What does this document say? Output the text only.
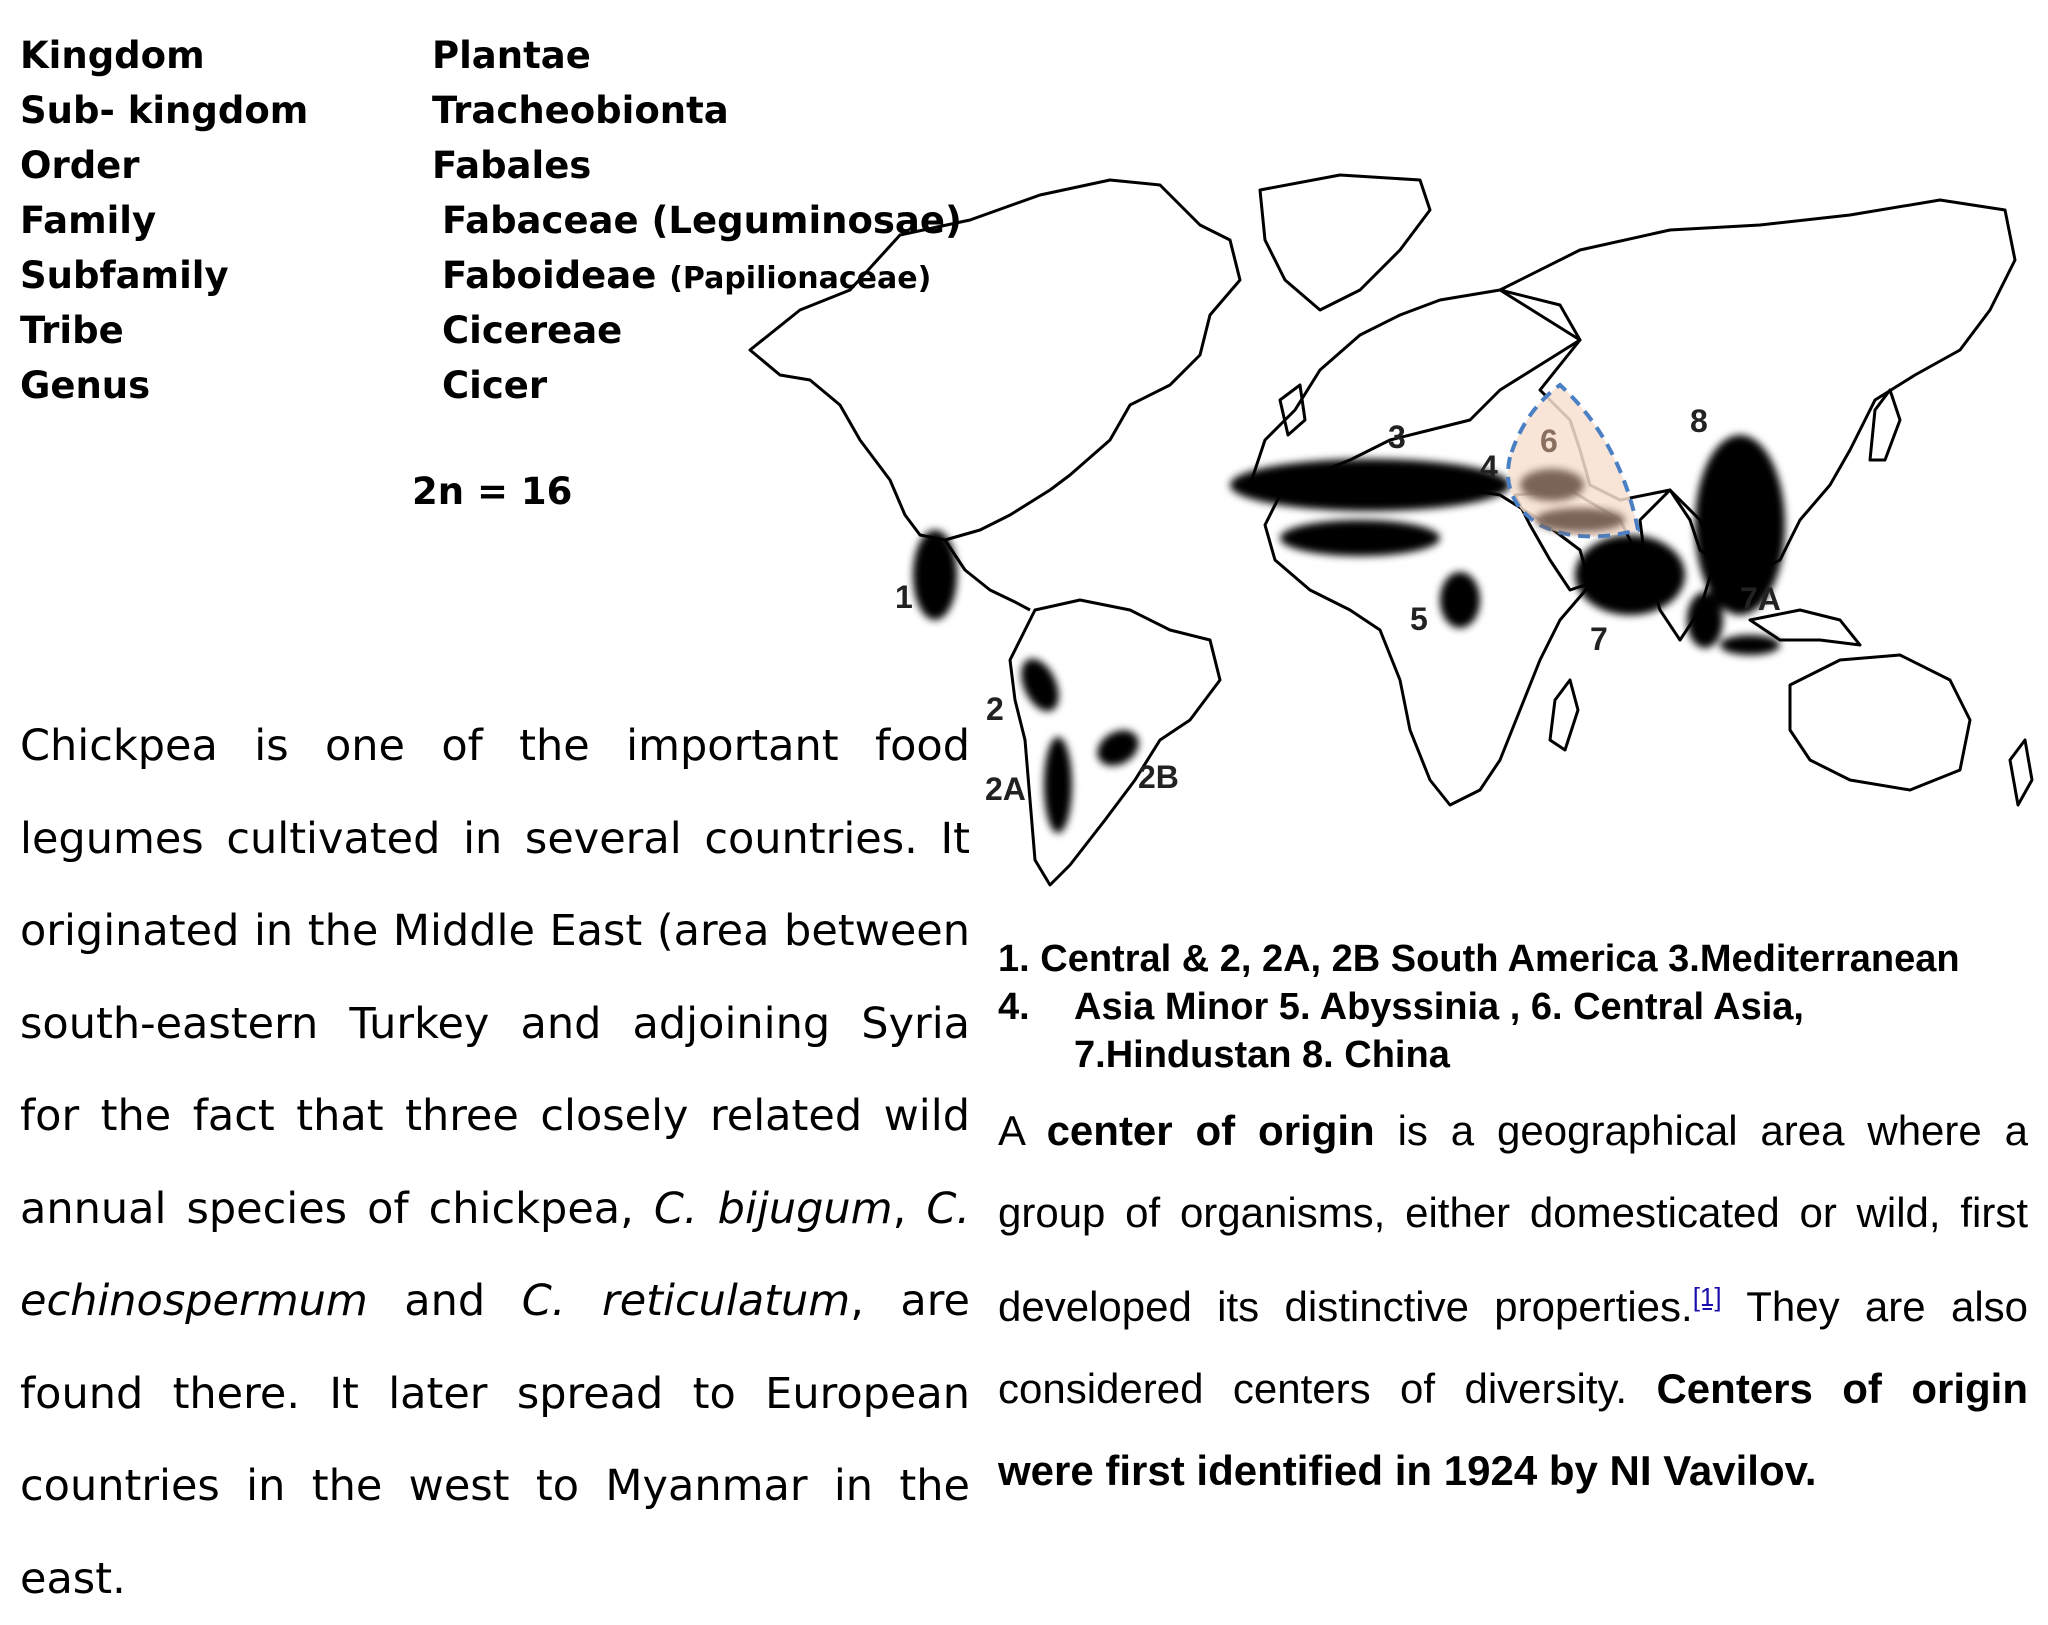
Kingdom	Plantae
Sub- kingdom	Tracheobionta
Order	Fabales
Family	Fabaceae (Leguminosae)
Subfamily	Faboideae (Papilionaceae)
Tribe	Cicereae
Genus	Cicer
2n = 16
1
2
2A	2B
3
4
5
6
7
7A
8
Chickpea is one of the important food legumes cultivated in several countries. It originated in the Middle East (area between south-eastern Turkey and adjoining Syria for the fact that three closely related wild annual species of chickpea, C. bijugum, C. echinospermum and C. reticulatum, are found there. It later spread to European countries in the west to Myanmar in the east.
1. Central & 2, 2A, 2B South America 3.Mediterranean
4. Asia Minor 5. Abyssinia , 6. Central Asia,
7.Hindustan 8. China
A center of origin is a geographical area where a group of organisms, either domesticated or wild, first developed its distinctive properties.[1] They are also considered centers of diversity. Centers of origin were first identified in 1924 by NI Vavilov.
